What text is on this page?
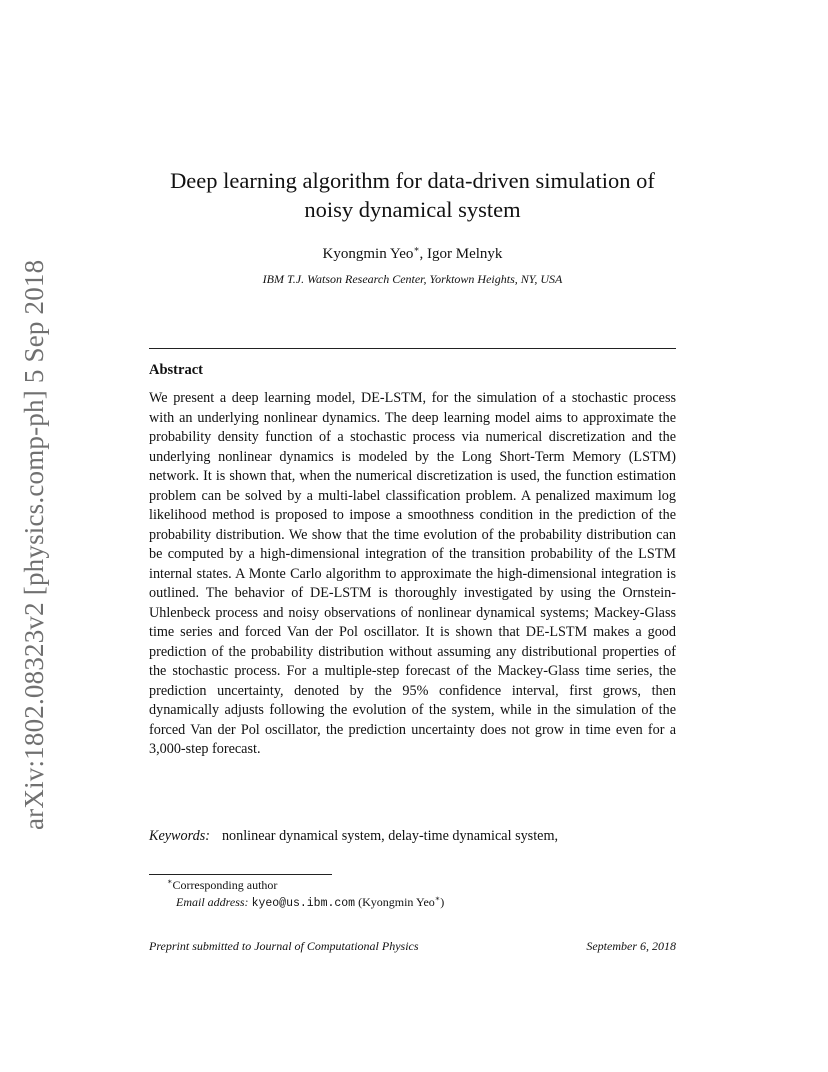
arXiv:1802.08323v2 [physics.comp-ph] 5 Sep 2018
Deep learning algorithm for data-driven simulation of
noisy dynamical system
Kyongmin Yeo∗, Igor Melnyk
IBM T.J. Watson Research Center, Yorktown Heights, NY, USA
Abstract

We present a deep learning model, DE-LSTM, for the simulation of a stochastic process with an underlying nonlinear dynamics. The deep learning model aims to approximate the probability density function of a stochastic process via numerical discretization and the underlying nonlinear dynamics is modeled by the Long Short-Term Memory (LSTM) network. It is shown that, when the numerical discretization is used, the function estimation problem can be solved by a multi-label classification problem. A penalized maximum log likelihood method is proposed to impose a smoothness condition in the prediction of the probability distribution. We show that the time evolution of the probability distribution can be computed by a high-dimensional integration of the transition probability of the LSTM internal states. A Monte Carlo algorithm to approximate the high-dimensional integration is outlined. The behavior of DE-LSTM is thoroughly investigated by using the Ornstein-Uhlenbeck process and noisy observations of nonlinear dynamical systems; Mackey-Glass time series and forced Van der Pol oscillator. It is shown that DE-LSTM makes a good prediction of the probability distribution without assuming any distributional properties of the stochastic process. For a multiple-step forecast of the Mackey-Glass time series, the prediction uncertainty, denoted by the 95% confidence interval, first grows, then dynamically adjusts following the evolution of the system, while in the simulation of the forced Van der Pol oscillator, the prediction uncertainty does not grow in time even for a 3,000-step forecast.

Keywords: nonlinear dynamical system, delay-time dynamical system,
∗Corresponding author
Email address: kyeo@us.ibm.com (Kyongmin Yeo∗)
Preprint submitted to Journal of Computational Physics	September 6, 2018
